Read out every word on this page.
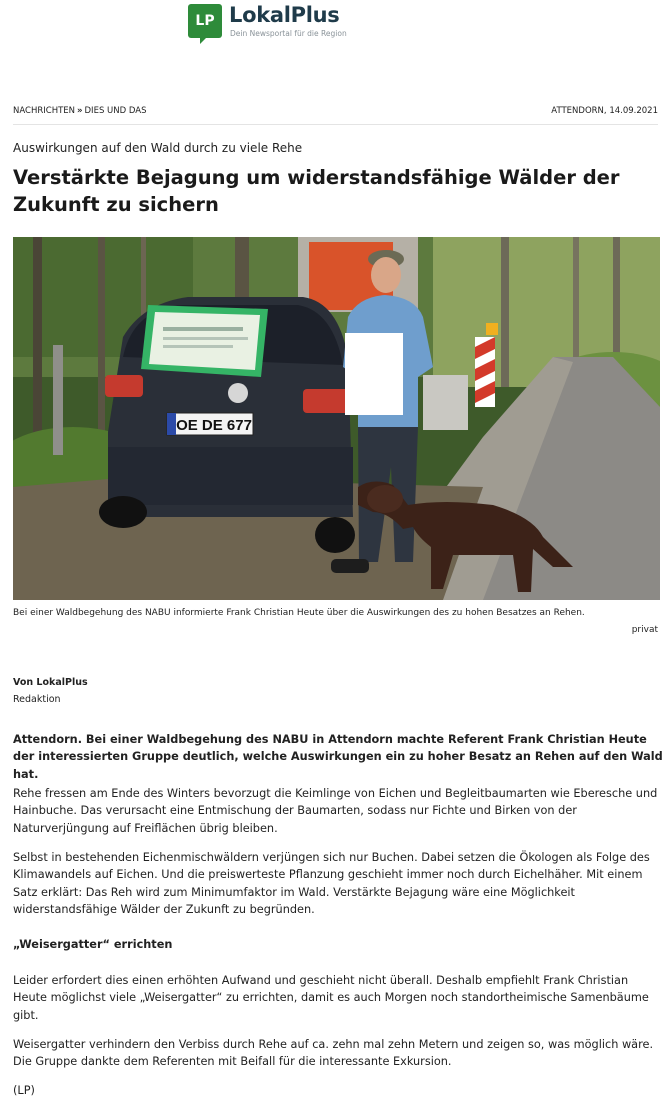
LP LokalPlus
Dein Newsportal für die Region
NACHRICHTEN » DIES UND DAS	ATTENDORN, 14.09.2021
Auswirkungen auf den Wald durch zu viele Rehe
Verstärkte Bejagung um widerstandsfähige Wälder der Zukunft zu sichern
OE DE 677
Bei einer Waldbegehung des NABU informierte Frank Christian Heute über die Auswirkungen des zu hohen Besatzes an Rehen.
privat
Von LokalPlus
Redaktion

Attendorn. Bei einer Waldbegehung des NABU in Attendorn machte Referent Frank Christian Heute der interessierten Gruppe deutlich, welche Auswirkungen ein zu hoher Besatz an Rehen auf den Wald hat.

Rehe fressen am Ende des Winters bevorzugt die Keimlinge von Eichen und Begleitbaumarten wie Eberesche und Hainbuche. Das verursacht eine Entmischung der Baumarten, sodass nur Fichte und Birken von der Naturverjüngung auf Freiflächen übrig bleiben.

Selbst in bestehenden Eichenmischwäldern verjüngen sich nur Buchen. Dabei setzen die Ökologen als Folge des Klimawandels auf Eichen. Und die preiswerteste Pflanzung geschieht immer noch durch Eichelhäher. Mit einem Satz erklärt: Das Reh wird zum Minimumfaktor im Wald. Verstärkte Bejagung wäre eine Möglichkeit widerstandsfähige Wälder der Zukunft zu begründen.

„Weisergatter“ errichten

Leider erfordert dies einen erhöhten Aufwand und geschieht nicht überall. Deshalb empfiehlt Frank Christian Heute möglichst viele „Weisergatter“ zu errichten, damit es auch Morgen noch standortheimische Samenbäume gibt.

Weisergatter verhindern den Verbiss durch Rehe auf ca. zehn mal zehn Metern und zeigen so, was möglich wäre. Die Gruppe dankte dem Referenten mit Beifall für die interessante Exkursion.

(LP)
